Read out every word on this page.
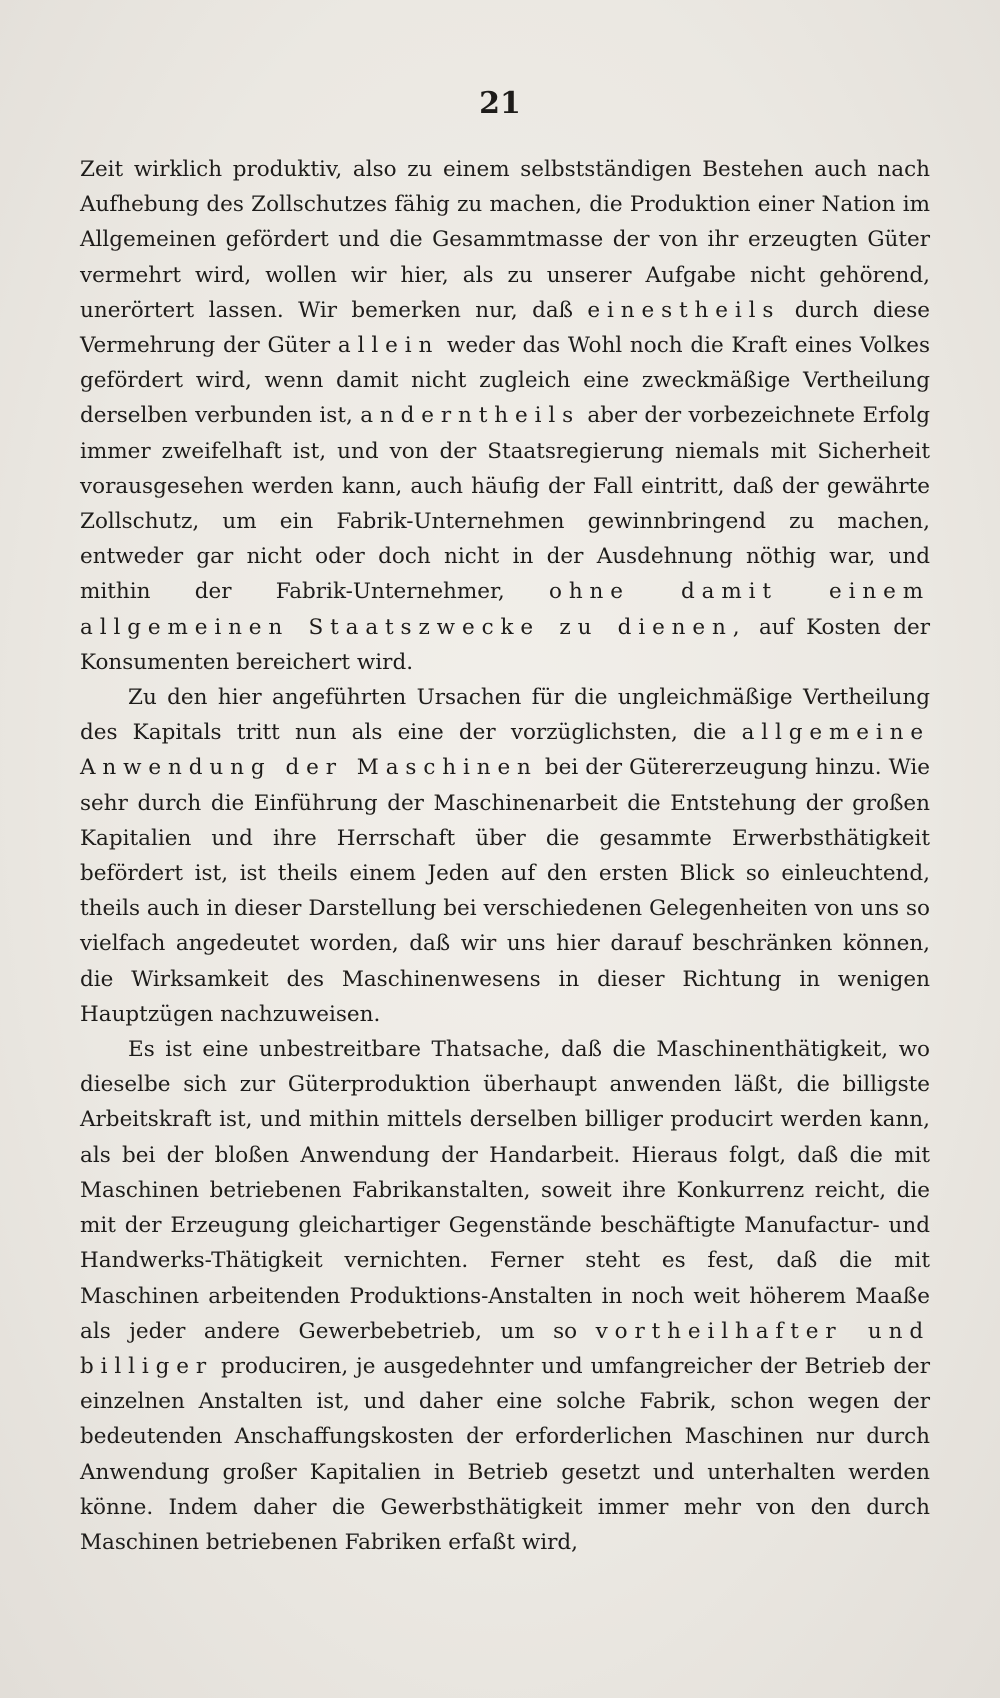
21

Zeit wirklich produktiv, also zu einem selbstständigen Bestehen auch nach Aufhebung des Zollschutzes fähig zu machen, die Produktion einer Nation im Allgemeinen gefördert und die Gesammtmasse der von ihr erzeugten Güter vermehrt wird, wollen wir hier, als zu unserer Aufgabe nicht gehörend, unerörtert lassen. Wir bemerken nur, daß einestheils durch diese Vermehrung der Güter allein weder das Wohl noch die Kraft eines Volkes gefördert wird, wenn damit nicht zugleich eine zweckmäßige Vertheilung derselben verbunden ist, anderntheils aber der vorbezeichnete Erfolg immer zweifelhaft ist, und von der Staatsregierung niemals mit Sicherheit vorausgesehen werden kann, auch häufig der Fall eintritt, daß der gewährte Zollschutz, um ein Fabrik-Unternehmen gewinnbringend zu machen, entweder gar nicht oder doch nicht in der Ausdehnung nöthig war, und mithin der Fabrik-Unternehmer, ohne damit einem allgemeinen Staatszwecke zu dienen, auf Kosten der Konsumenten bereichert wird.

Zu den hier angeführten Ursachen für die ungleichmäßige Vertheilung des Kapitals tritt nun als eine der vorzüglichsten, die allgemeine Anwendung der Maschinen bei der Gütererzeugung hinzu. Wie sehr durch die Einführung der Maschinenarbeit die Entstehung der großen Kapitalien und ihre Herrschaft über die gesammte Erwerbsthätigkeit befördert ist, ist theils einem Jeden auf den ersten Blick so einleuchtend, theils auch in dieser Darstellung bei verschiedenen Gelegenheiten von uns so vielfach angedeutet worden, daß wir uns hier darauf beschränken können, die Wirksamkeit des Maschinenwesens in dieser Richtung in wenigen Hauptzügen nachzuweisen.

Es ist eine unbestreitbare Thatsache, daß die Maschinenthätigkeit, wo dieselbe sich zur Güterproduktion überhaupt anwenden läßt, die billigste Arbeitskraft ist, und mithin mittels derselben billiger producirt werden kann, als bei der bloßen Anwendung der Handarbeit. Hieraus folgt, daß die mit Maschinen betriebenen Fabrikanstalten, soweit ihre Konkurrenz reicht, die mit der Erzeugung gleichartiger Gegenstände beschäftigte Manufactur- und Handwerks-Thätigkeit vernichten. Ferner steht es fest, daß die mit Maschinen arbeitenden Produktions-Anstalten in noch weit höherem Maaße als jeder andere Gewerbebetrieb, um so vortheilhafter und billiger produciren, je ausgedehnter und umfangreicher der Betrieb der einzelnen Anstalten ist, und daher eine solche Fabrik, schon wegen der bedeutenden Anschaffungskosten der erforderlichen Maschinen nur durch Anwendung großer Kapitalien in Betrieb gesetzt und unterhalten werden könne. Indem daher die Gewerbsthätigkeit immer mehr von den durch Maschinen betriebenen Fabriken erfaßt wird,
